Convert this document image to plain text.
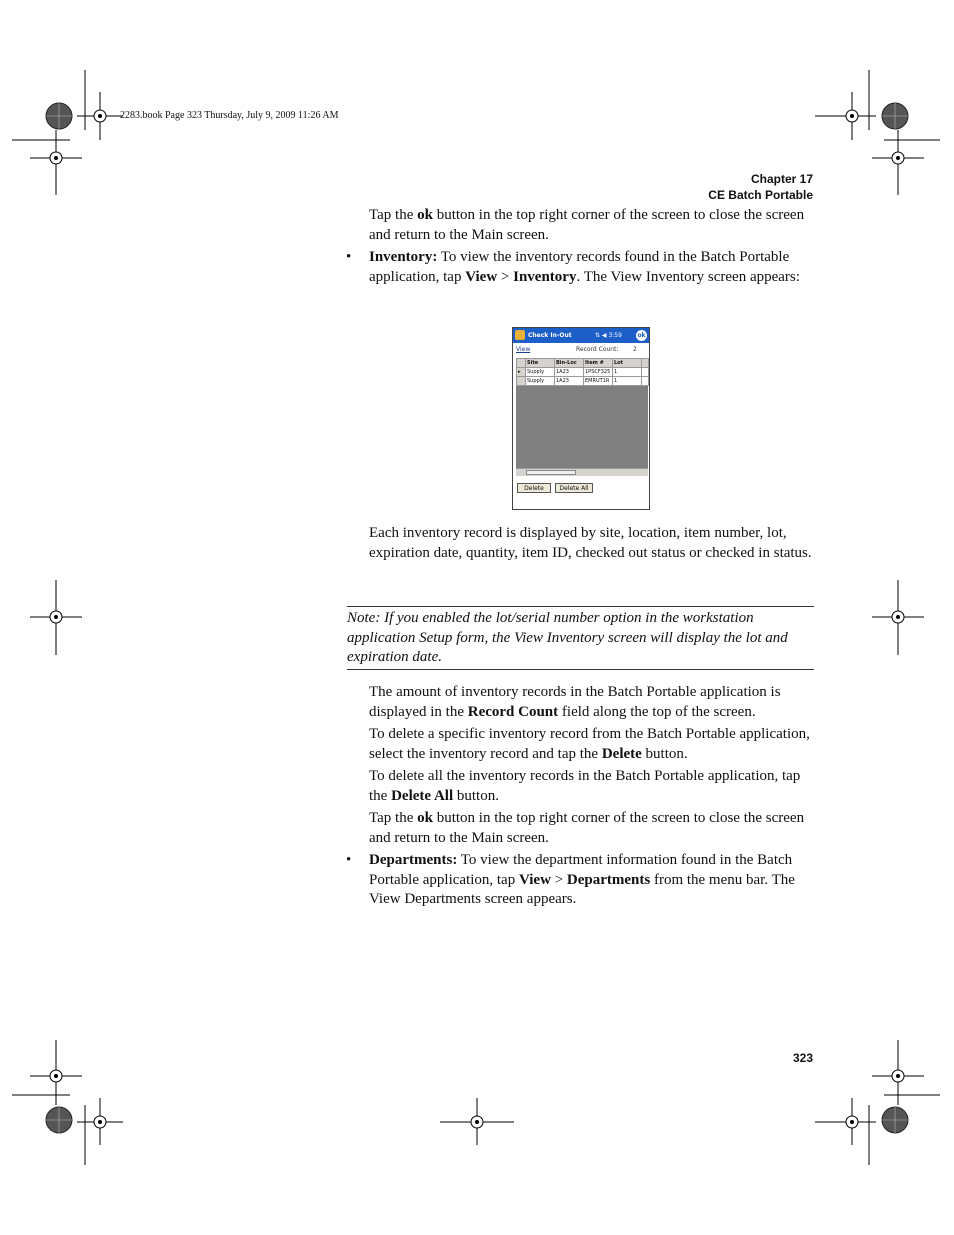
2283.book Page 323 Thursday, July 9, 2009 11:26 AM
Chapter 17
CE Batch Portable

Tap the ok button in the top right corner of the screen to close the screen and return to the Main screen.

• Inventory: To view the inventory records found in the Batch Portable application, tap View > Inventory. The View Inventory screen appears:

Check In-Out	⇅ ◀ 3:59	ok
View	Record Count: 2
	Site	Bin-Loc	Item #	Lot	
▸	Supply	1A23	1PSCF325	1	
	Supply	1A23	EMRUT1R	1	
Delete	Delete All

Each inventory record is displayed by site, location, item number, lot, expiration date, quantity, item ID, checked out status or checked in status.

Note: If you enabled the lot/serial number option in the workstation application Setup form, the View Inventory screen will display the lot and expiration date.

The amount of inventory records in the Batch Portable application is displayed in the Record Count field along the top of the screen.

To delete a specific inventory record from the Batch Portable application, select the inventory record and tap the Delete button.

To delete all the inventory records in the Batch Portable application, tap the Delete All button.

Tap the ok button in the top right corner of the screen to close the screen and return to the Main screen.

• Departments: To view the department information found in the Batch Portable application, tap View > Departments from the menu bar. The View Departments screen appears.

323
